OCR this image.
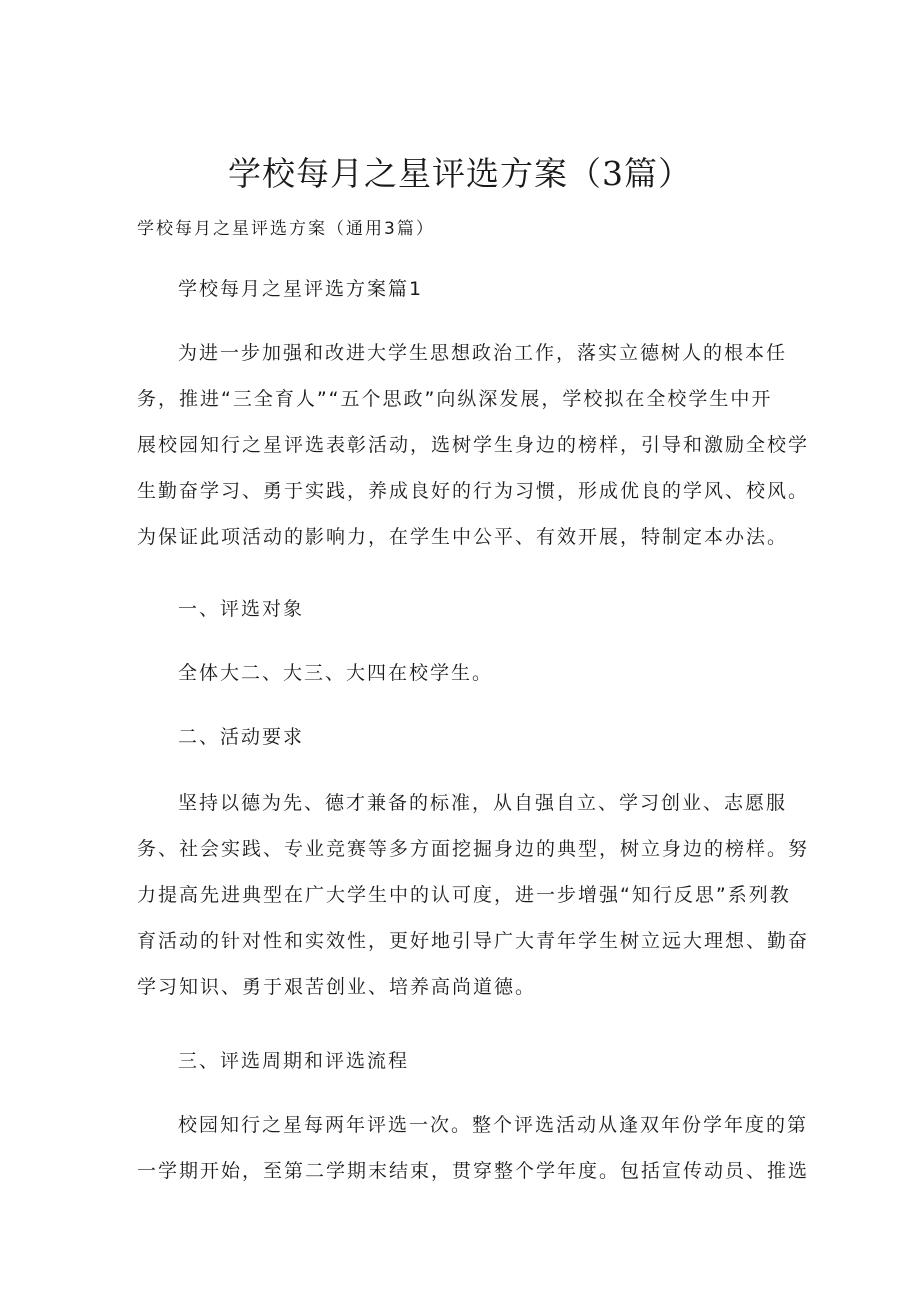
学校每月之星评选方案（3篇）
学校每月之星评选方案（通用3篇）
学校每月之星评选方案篇1
为进一步加强和改进大学生思想政治工作，落实立德树人的根本任
务，推进“三全育人”“五个思政”向纵深发展，学校拟在全校学生中开
展校园知行之星评选表彰活动，选树学生身边的榜样，引导和激励全校学
生勤奋学习、勇于实践，养成良好的行为习惯，形成优良的学风、校风。
为保证此项活动的影响力，在学生中公平、有效开展，特制定本办法。
一、评选对象
全体大二、大三、大四在校学生。
二、活动要求
坚持以德为先、德才兼备的标准，从自强自立、学习创业、志愿服
务、社会实践、专业竞赛等多方面挖掘身边的典型，树立身边的榜样。努
力提高先进典型在广大学生中的认可度，进一步增强“知行反思”系列教
育活动的针对性和实效性，更好地引导广大青年学生树立远大理想、勤奋
学习知识、勇于艰苦创业、培养高尚道德。
三、评选周期和评选流程
校园知行之星每两年评选一次。整个评选活动从逢双年份学年度的第
一学期开始，至第二学期末结束，贯穿整个学年度。包括宣传动员、推选
